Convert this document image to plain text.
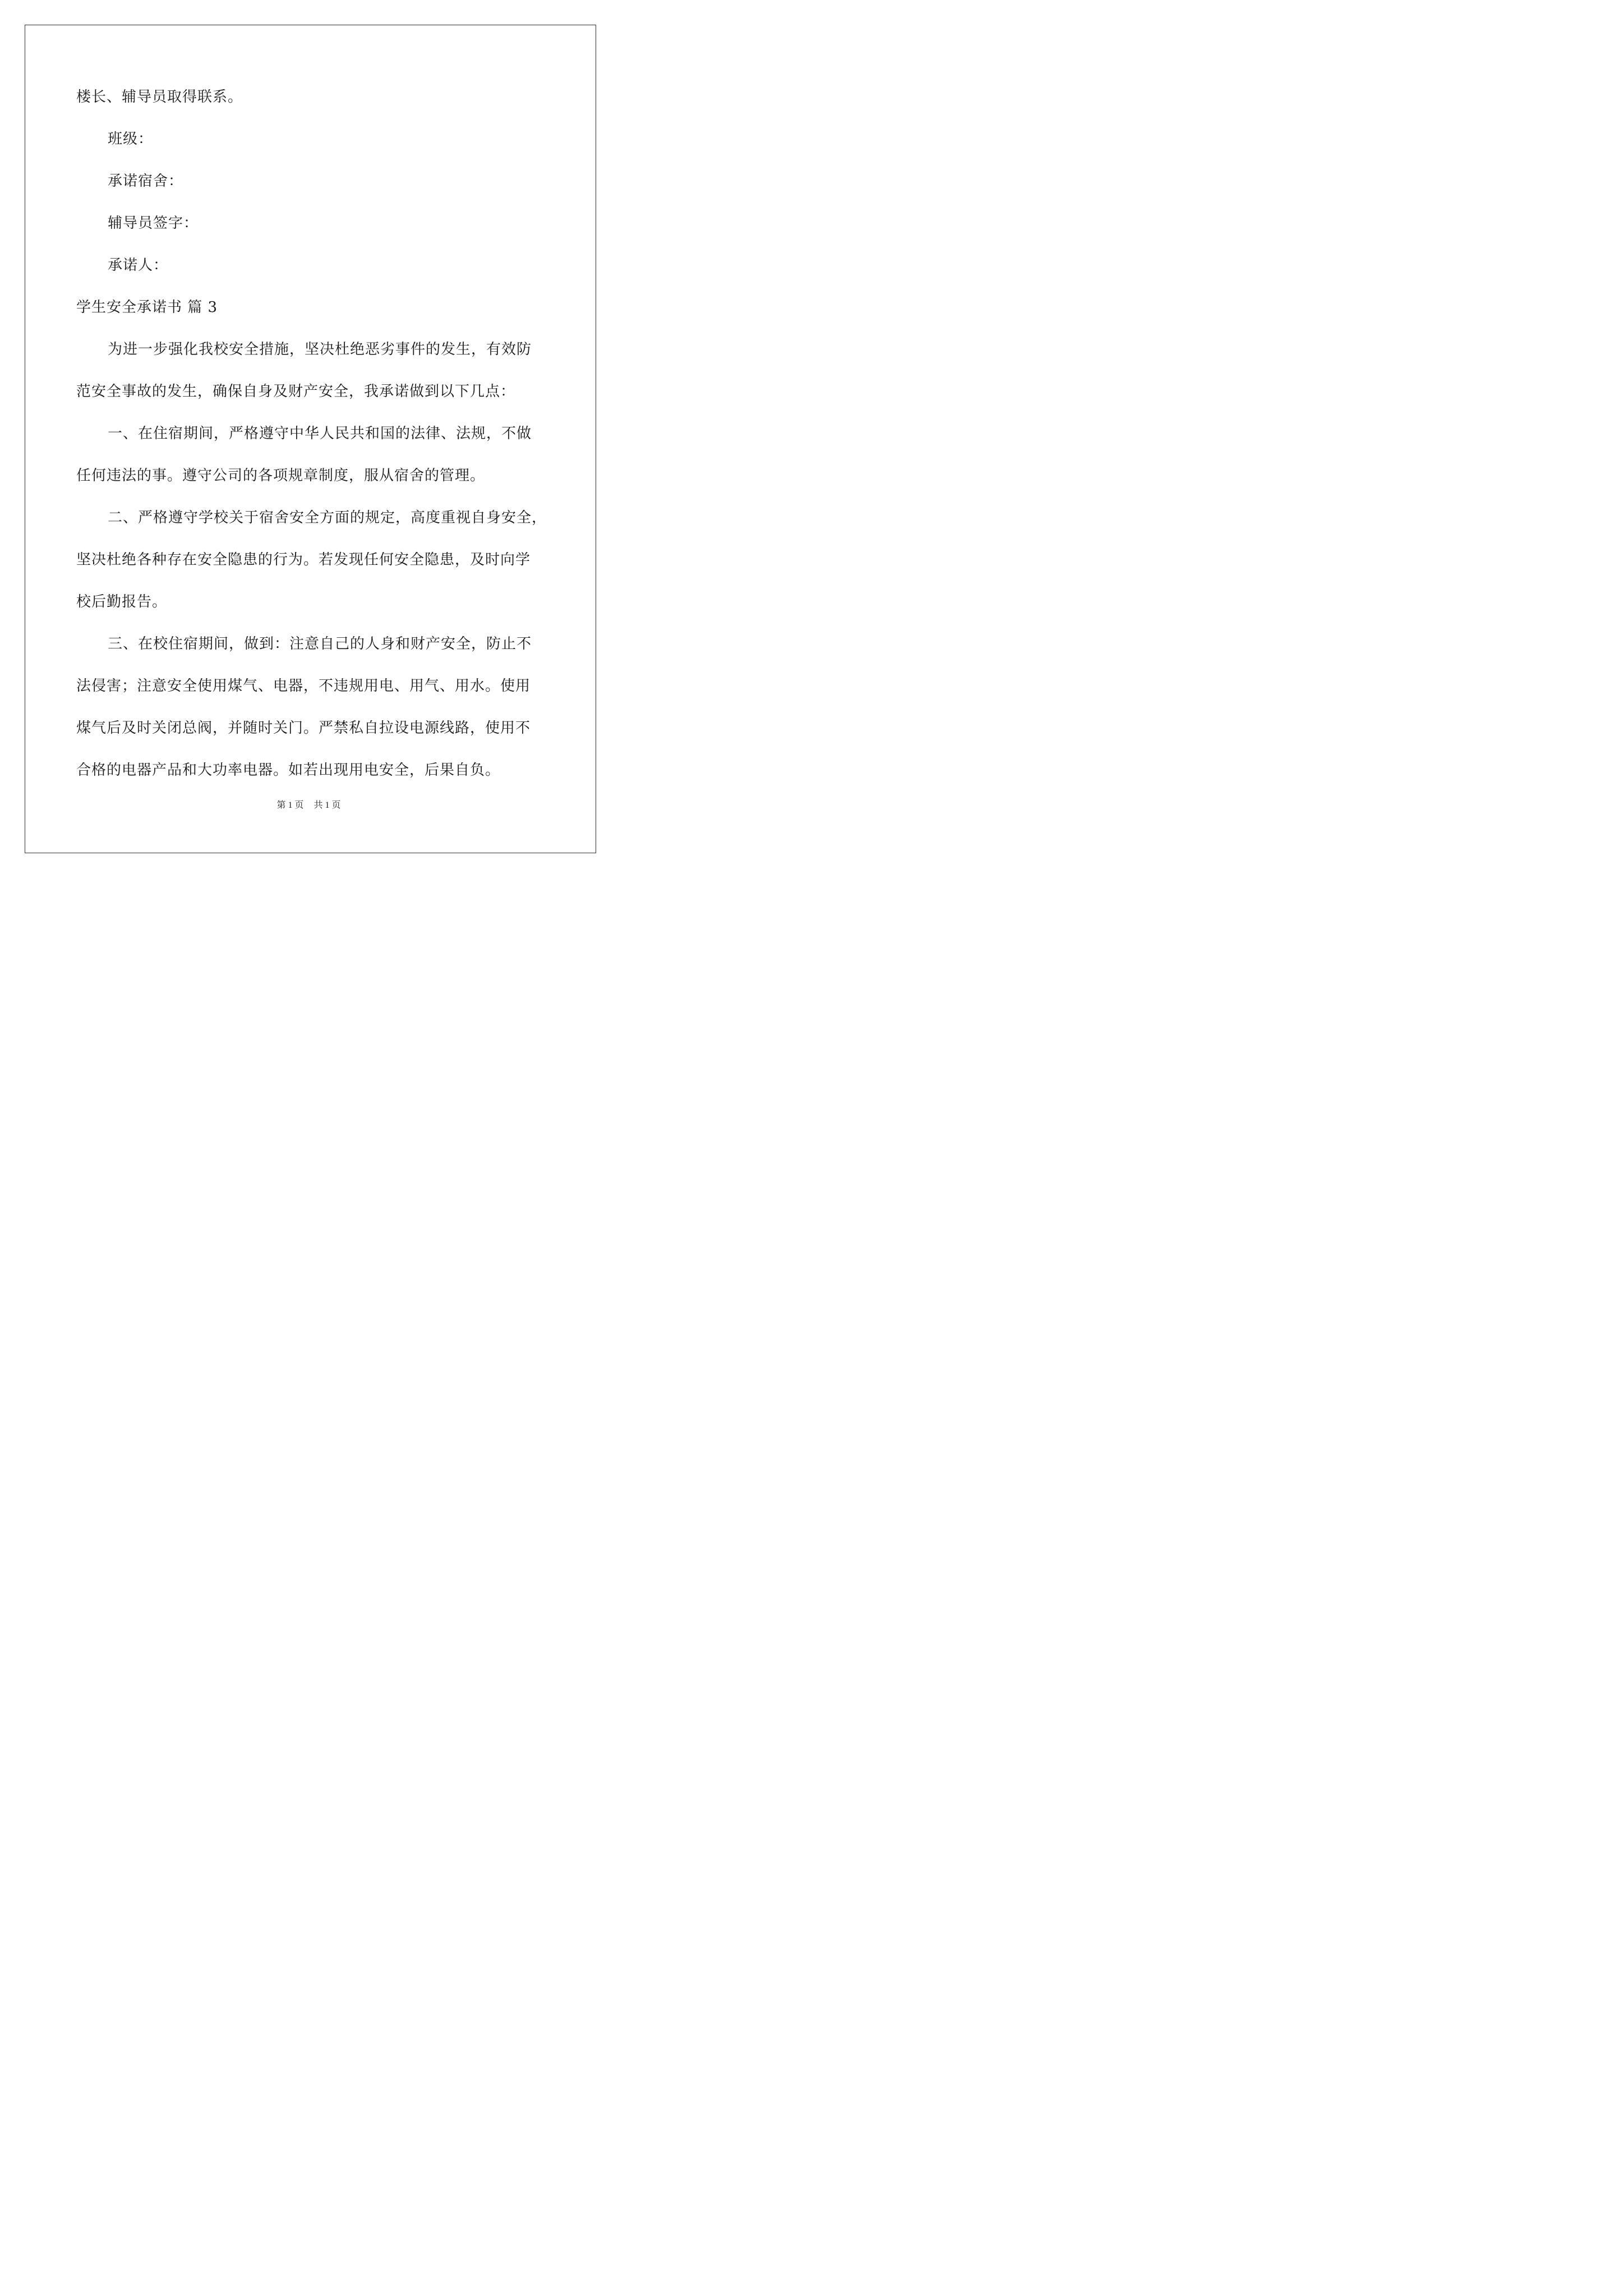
楼长、辅导员取得联系。
班级：
承诺宿舍：
辅导员签字：
承诺人：
学生安全承诺书 篇 3
为进一步强化我校安全措施，坚决杜绝恶劣事件的发生，有效防
范安全事故的发生，确保自身及财产安全，我承诺做到以下几点：
一、在住宿期间，严格遵守中华人民共和国的法律、法规，不做
任何违法的事。遵守公司的各项规章制度，服从宿舍的管理。
二、严格遵守学校关于宿舍安全方面的规定，高度重视自身安全，
坚决杜绝各种存在安全隐患的行为。若发现任何安全隐患，及时向学
校后勤报告。
三、在校住宿期间，做到：注意自己的人身和财产安全，防止不
法侵害；注意安全使用煤气、电器，不违规用电、用气、用水。使用
煤气后及时关闭总阀，并随时关门。严禁私自拉设电源线路，使用不
合格的电器产品和大功率电器。如若出现用电安全，后果自负。
第 1 页 共 1 页
